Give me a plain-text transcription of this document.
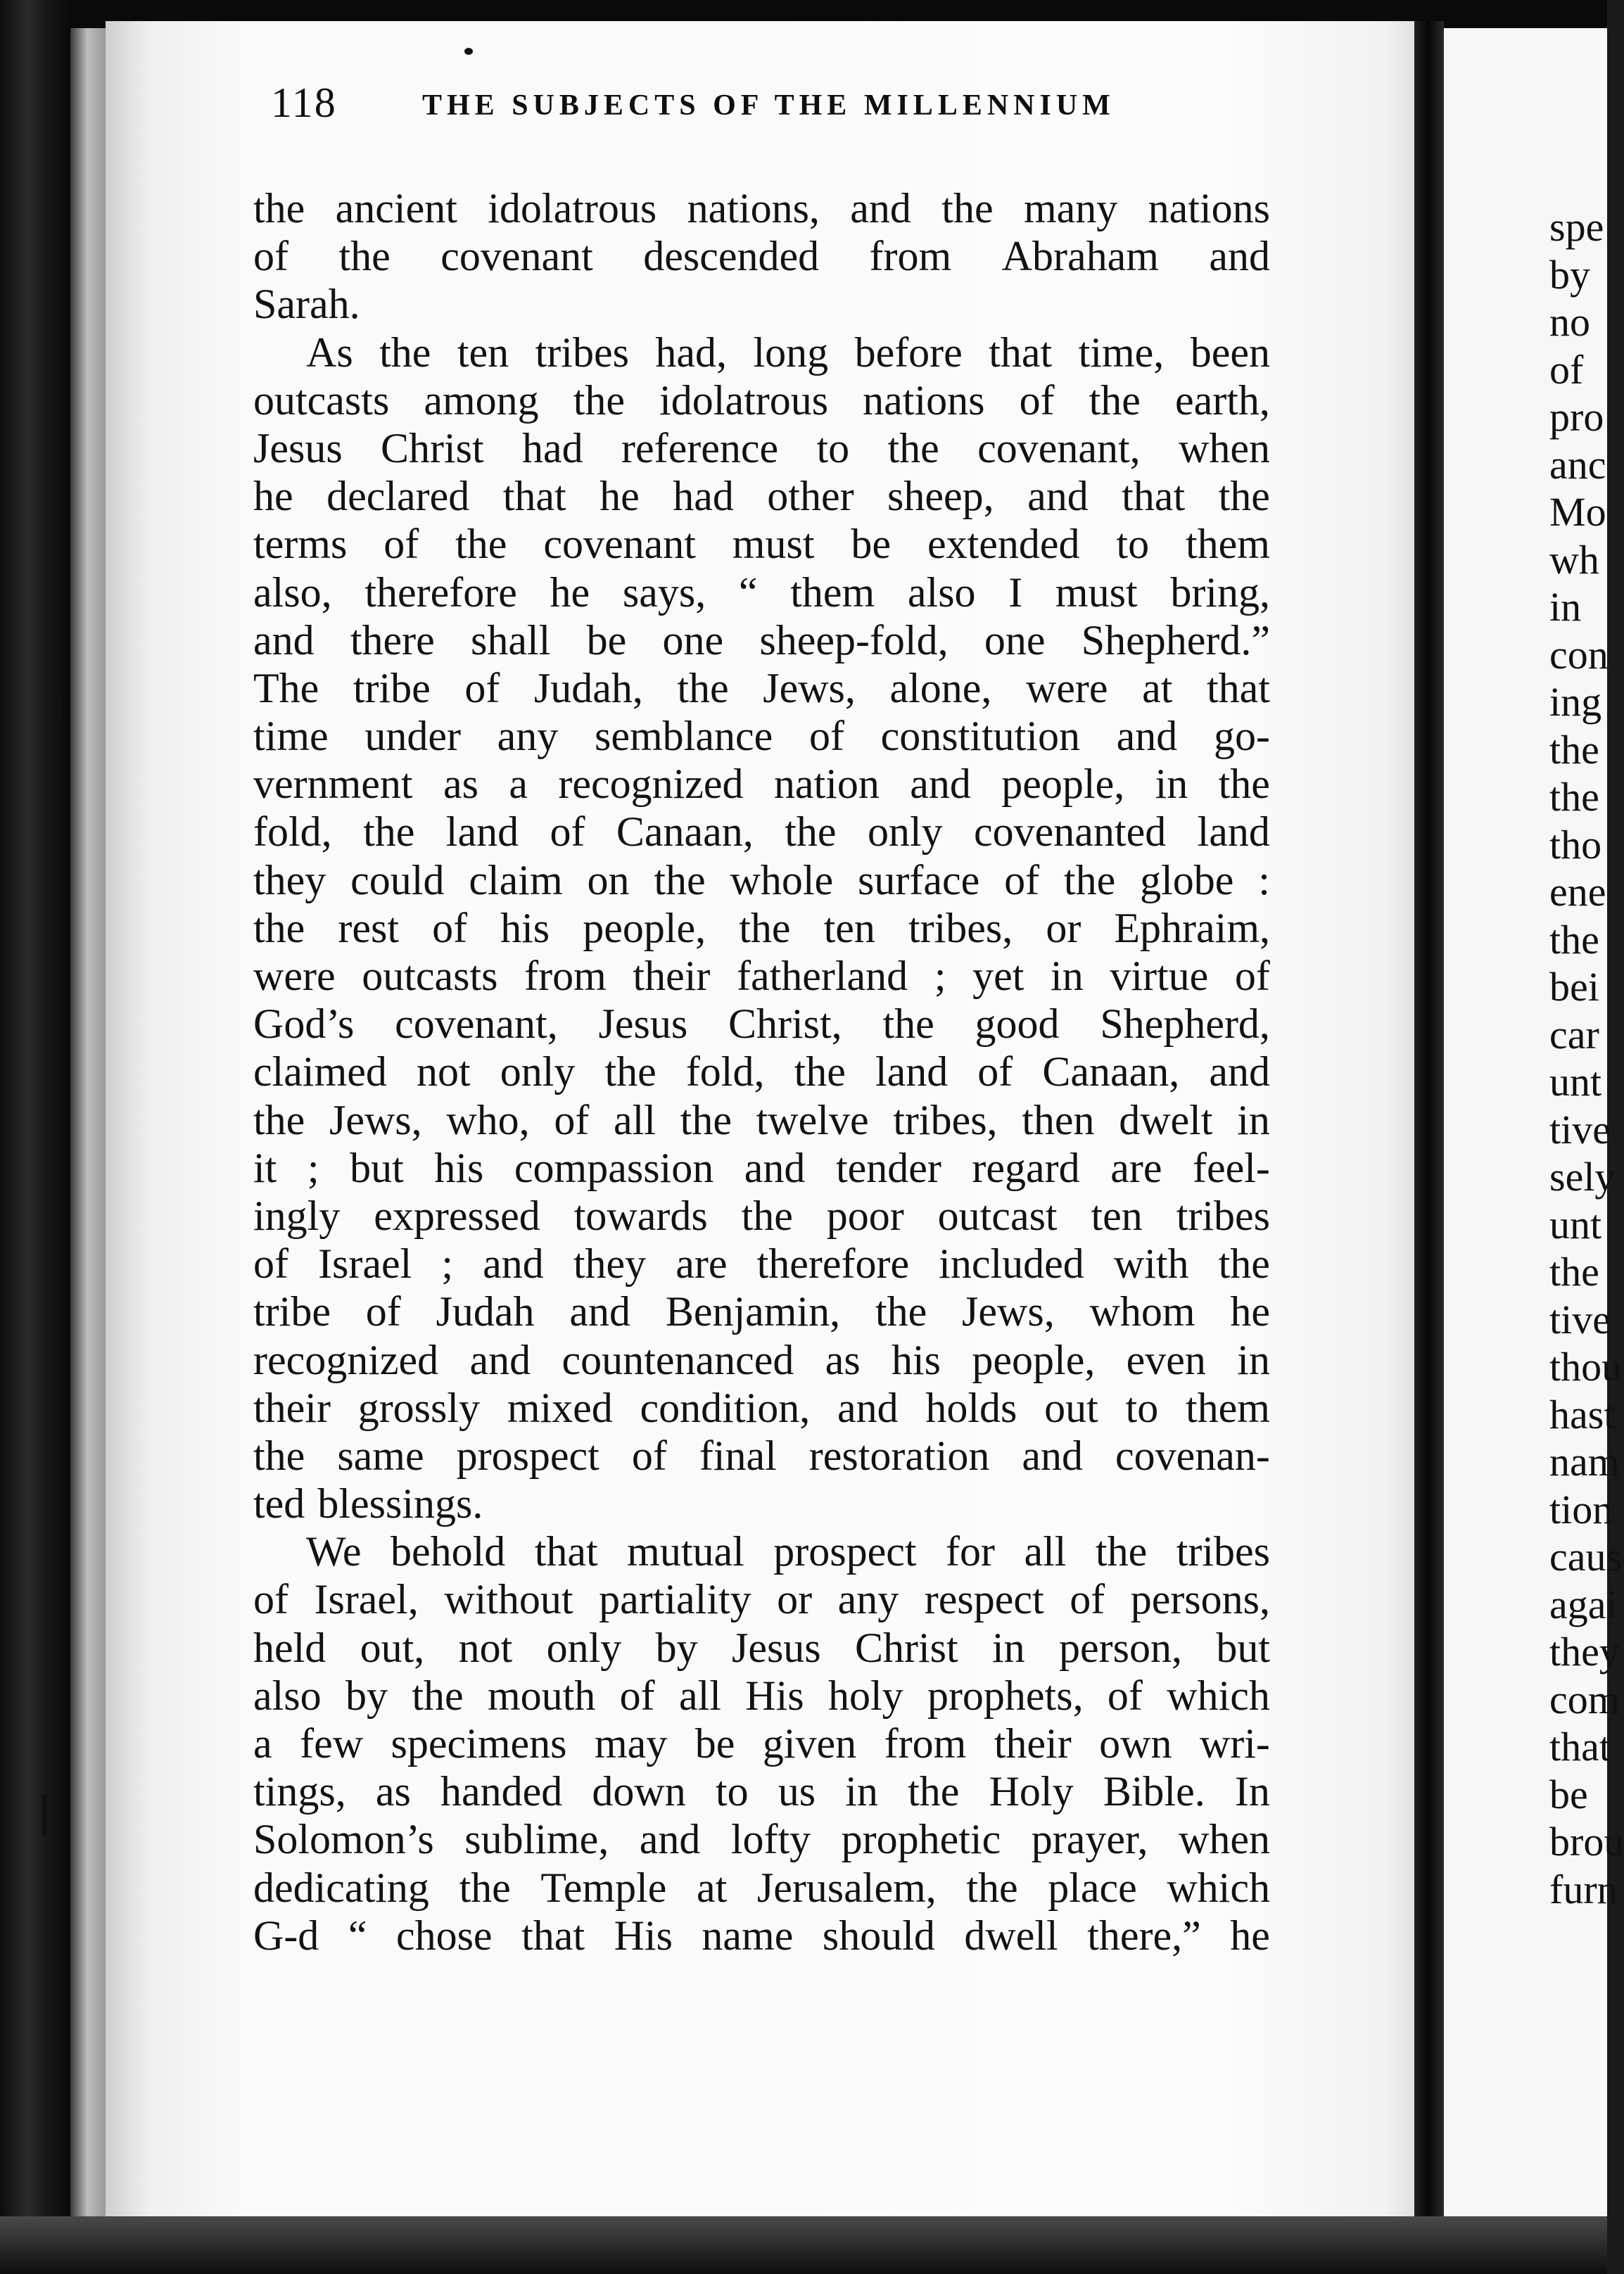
spe
by
no
of
pro
anc
Mo
wh
in
con
ing
the
the
tho
ene
the
bei
car
unt
tive
sely
unt
the
tive
thou
hast
nam
tion
caus
agai
they
com
that
be
brou
furn
118	THE SUBJECTS OF THE MILLENNIUM
the ancient idolatrous nations, and the many nations
of the covenant descended from Abraham and
Sarah.
As the ten tribes had, long before that time, been
outcasts among the idolatrous nations of the earth,
Jesus Christ had reference to the covenant, when
he declared that he had other sheep, and that the
terms of the covenant must be extended to them
also, therefore he says, “ them also I must bring,
and there shall be one sheep-fold, one Shepherd.”
The tribe of Judah, the Jews, alone, were at that
time under any semblance of constitution and go-
vernment as a recognized nation and people, in the
fold, the land of Canaan, the only covenanted land
they could claim on the whole surface of the globe :
the rest of his people, the ten tribes, or Ephraim,
were outcasts from their fatherland ; yet in virtue of
God’s covenant, Jesus Christ, the good Shepherd,
claimed not only the fold, the land of Canaan, and
the Jews, who, of all the twelve tribes, then dwelt in
it ; but his compassion and tender regard are feel-
ingly expressed towards the poor outcast ten tribes
of Israel ; and they are therefore included with the
tribe of Judah and Benjamin, the Jews, whom he
recognized and countenanced as his people, even in
their grossly mixed condition, and holds out to them
the same prospect of final restoration and covenan-
ted blessings.
We behold that mutual prospect for all the tribes
of Israel, without partiality or any respect of persons,
held out, not only by Jesus Christ in person, but
also by the mouth of all His holy prophets, of which
a few specimens may be given from their own wri-
tings, as handed down to us in the Holy Bible. In
Solomon’s sublime, and lofty prophetic prayer, when
dedicating the Temple at Jerusalem, the place which
G-d “ chose that His name should dwell there,” he
